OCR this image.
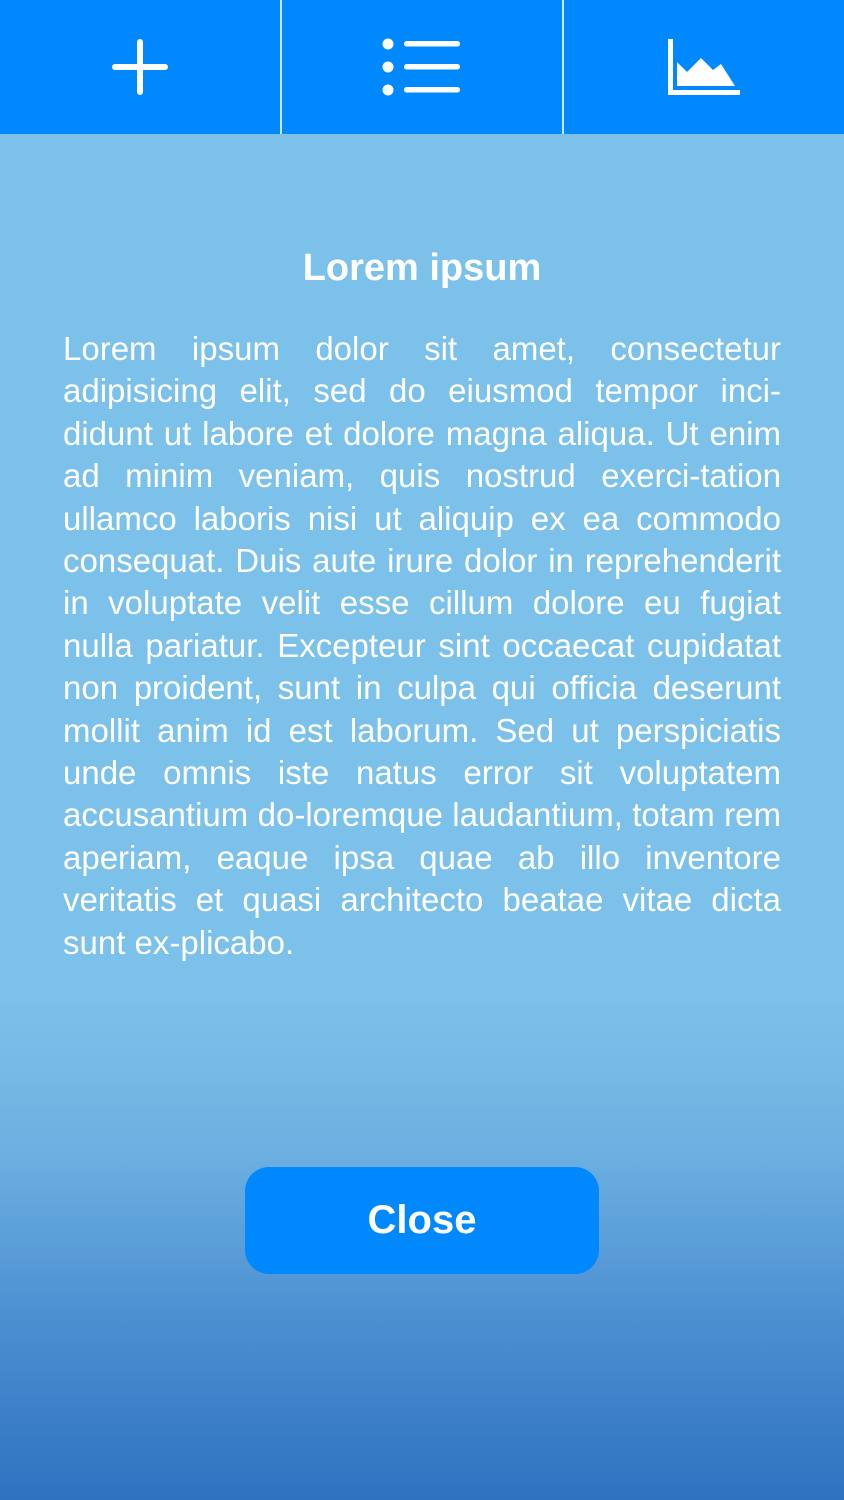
Lorem ipsum

Lorem ipsum dolor sit amet, consectetur adipisicing elit, sed do eiusmod tempor inci-didunt ut labore et dolore magna aliqua. Ut enim ad minim veniam, quis nostrud exerci-tation ullamco laboris nisi ut aliquip ex ea commodo consequat. Duis aute irure dolor in reprehenderit in voluptate velit esse cillum dolore eu fugiat nulla pariatur. Excepteur sint occaecat cupidatat non proident, sunt in culpa qui officia deserunt mollit anim id est laborum. Sed ut perspiciatis unde omnis iste natus error sit voluptatem accusantium do-loremque laudantium, totam rem aperiam, eaque ipsa quae ab illo inventore veritatis et quasi architecto beatae vitae dicta sunt ex-plicabo.

Close
